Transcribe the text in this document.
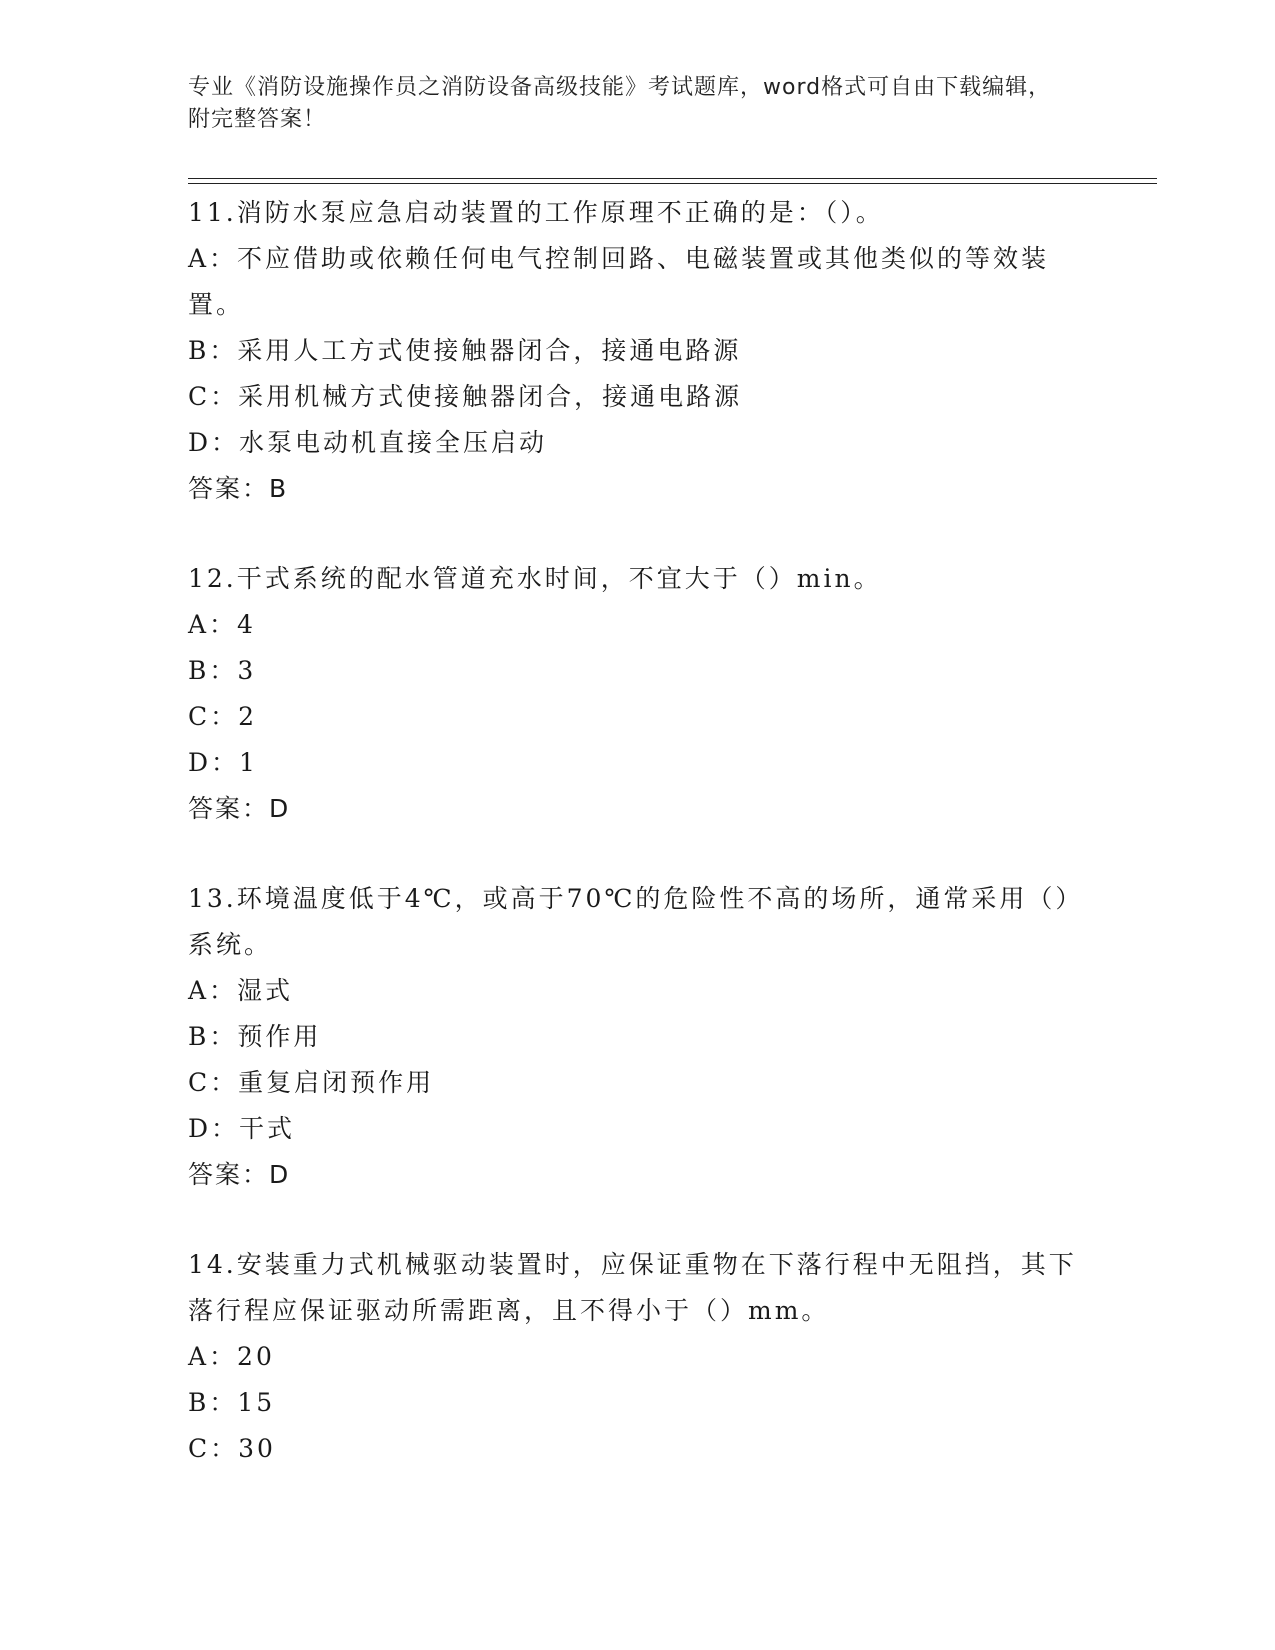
专业《消防设施操作员之消防设备高级技能》考试题库，word格式可自由下载编辑，附完整答案！

11.消防水泵应急启动装置的工作原理不正确的是：（）。

A：不应借助或依赖任何电气控制回路、电磁装置或其他类似的等效装置。

B：采用人工方式使接触器闭合，接通电路源

C：采用机械方式使接触器闭合，接通电路源

D：水泵电动机直接全压启动

答案：B

12.干式系统的配水管道充水时间，不宜大于（）min。

A：4

B：3

C：2

D：1

答案：D

13.环境温度低于4℃，或高于70℃的危险性不高的场所，通常采用（）系统。

A：湿式

B：预作用

C：重复启闭预作用

D：干式

答案：D

14.安装重力式机械驱动装置时，应保证重物在下落行程中无阻挡，其下落行程应保证驱动所需距离，且不得小于（）mm。

A：20

B：15

C：30
